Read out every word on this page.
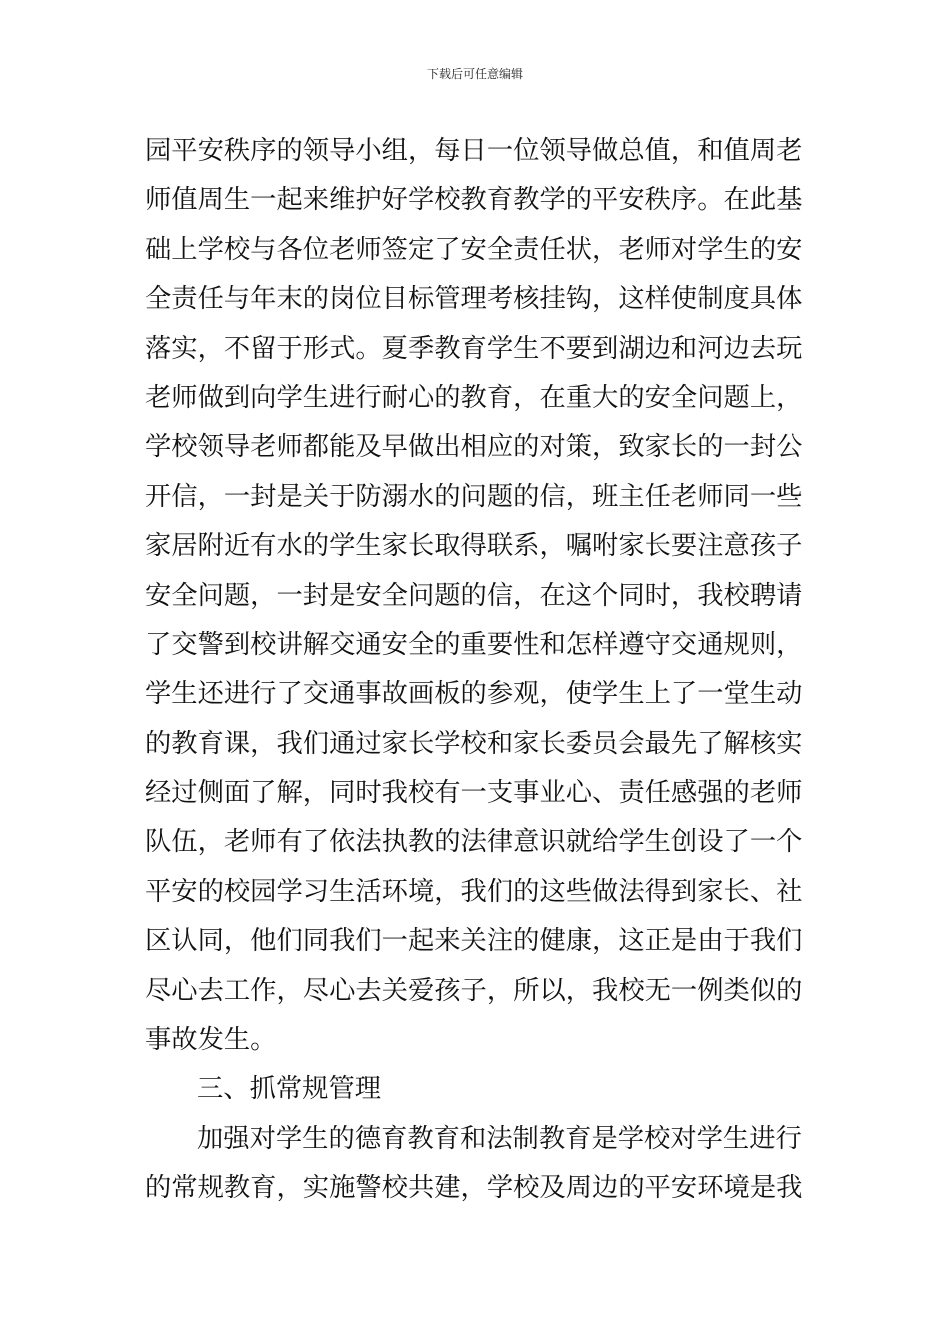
下载后可任意编辑
园平安秩序的领导小组，每日一位领导做总值，和值周老
师值周生一起来维护好学校教育教学的平安秩序。在此基
础上学校与各位老师签定了安全责任状，老师对学生的安
全责任与年末的岗位目标管理考核挂钩，这样使制度具体
落实，不留于形式。夏季教育学生不要到湖边和河边去玩
老师做到向学生进行耐心的教育，在重大的安全问题上，
学校领导老师都能及早做出相应的对策，致家长的一封公
开信，一封是关于防溺水的问题的信，班主任老师同一些
家居附近有水的学生家长取得联系，嘱咐家长要注意孩子
安全问题，一封是安全问题的信，在这个同时，我校聘请
了交警到校讲解交通安全的重要性和怎样遵守交通规则，
学生还进行了交通事故画板的参观，使学生上了一堂生动
的教育课，我们通过家长学校和家长委员会最先了解核实
经过侧面了解，同时我校有一支事业心、责任感强的老师
队伍，老师有了依法执教的法律意识就给学生创设了一个
平安的校园学习生活环境，我们的这些做法得到家长、社
区认同，他们同我们一起来关注的健康，这正是由于我们
尽心去工作，尽心去关爱孩子，所以，我校无一例类似的
事故发生。
三、抓常规管理
加强对学生的德育教育和法制教育是学校对学生进行
的常规教育，实施警校共建，学校及周边的平安环境是我
